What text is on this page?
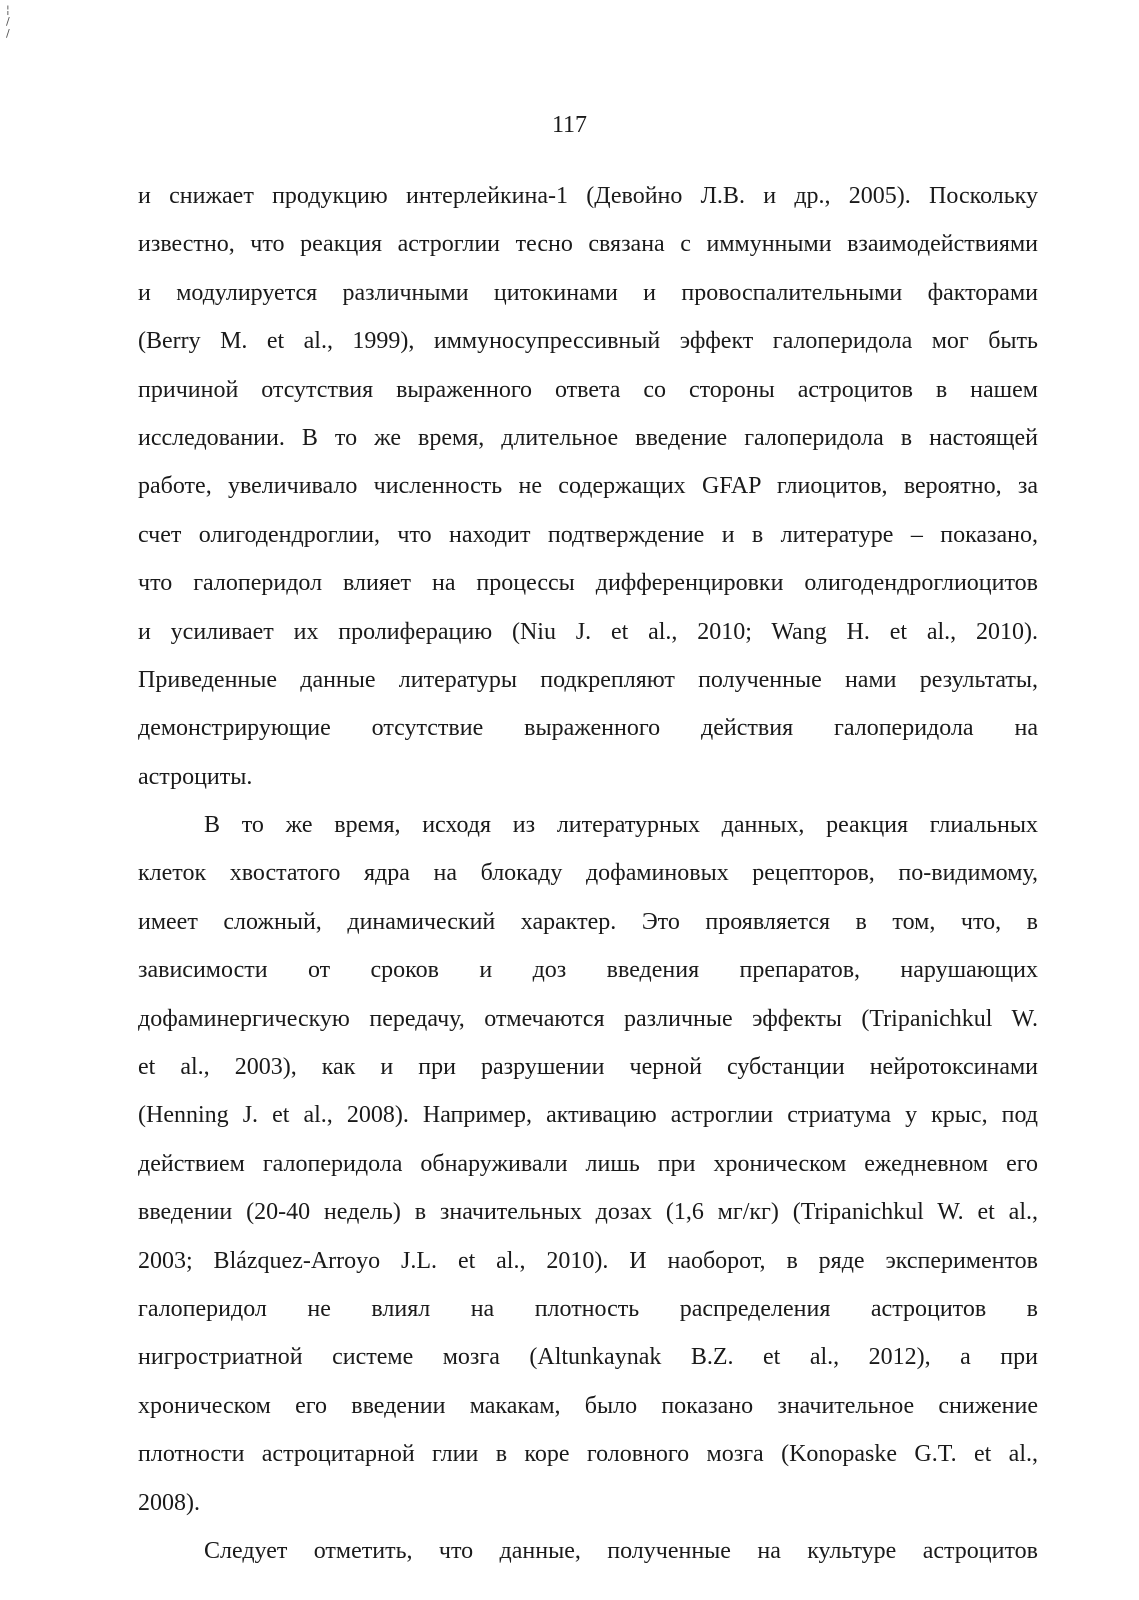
¦
/
/
117
и снижает продукцию интерлейкина-1 (Девойно Л.В. и др., 2005). Поскольку
известно, что реакция астроглии тесно связана с иммунными взаимодействиями
и модулируется различными цитокинами и провоспалительными факторами
(Berry M. et al., 1999), иммуносупрессивный эффект галоперидола мог быть
причиной отсутствия выраженного ответа со стороны астроцитов в нашем
исследовании. В то же время, длительное введение галоперидола в настоящей
работе, увеличивало численность не содержащих GFAP глиоцитов, вероятно, за
счет олигодендроглии, что находит подтверждение и в литературе – показано,
что галоперидол влияет на процессы дифференцировки олигодендроглиоцитов
и усиливает их пролиферацию (Niu J. et al., 2010; Wang H. et al., 2010).
Приведенные данные литературы подкрепляют полученные нами результаты,
демонстрирующие отсутствие выраженного действия галоперидола на
астроциты.
В то же время, исходя из литературных данных, реакция глиальных
клеток хвостатого ядра на блокаду дофаминовых рецепторов, по-видимому,
имеет сложный, динамический характер. Это проявляется в том, что, в
зависимости от сроков и доз введения препаратов, нарушающих
дофаминергическую передачу, отмечаются различные эффекты (Tripanichkul W.
et al., 2003), как и при разрушении черной субстанции нейротоксинами
(Henning J. et al., 2008). Например, активацию астроглии стриатума у крыс, под
действием галоперидола обнаруживали лишь при хроническом ежедневном его
введении (20-40 недель) в значительных дозах (1,6 мг/кг) (Tripanichkul W. et al.,
2003; Blázquez-Arroyo J.L. et al., 2010). И наоборот, в ряде экспериментов
галоперидол не влиял на плотность распределения астроцитов в
нигростриатной системе мозга (Altunkaynak B.Z. et al., 2012), а при
хроническом его введении макакам, было показано значительное снижение
плотности астроцитарной глии в коре головного мозга (Konopaske G.T. et al.,
2008).
Следует отметить, что данные, полученные на культуре астроцитов
